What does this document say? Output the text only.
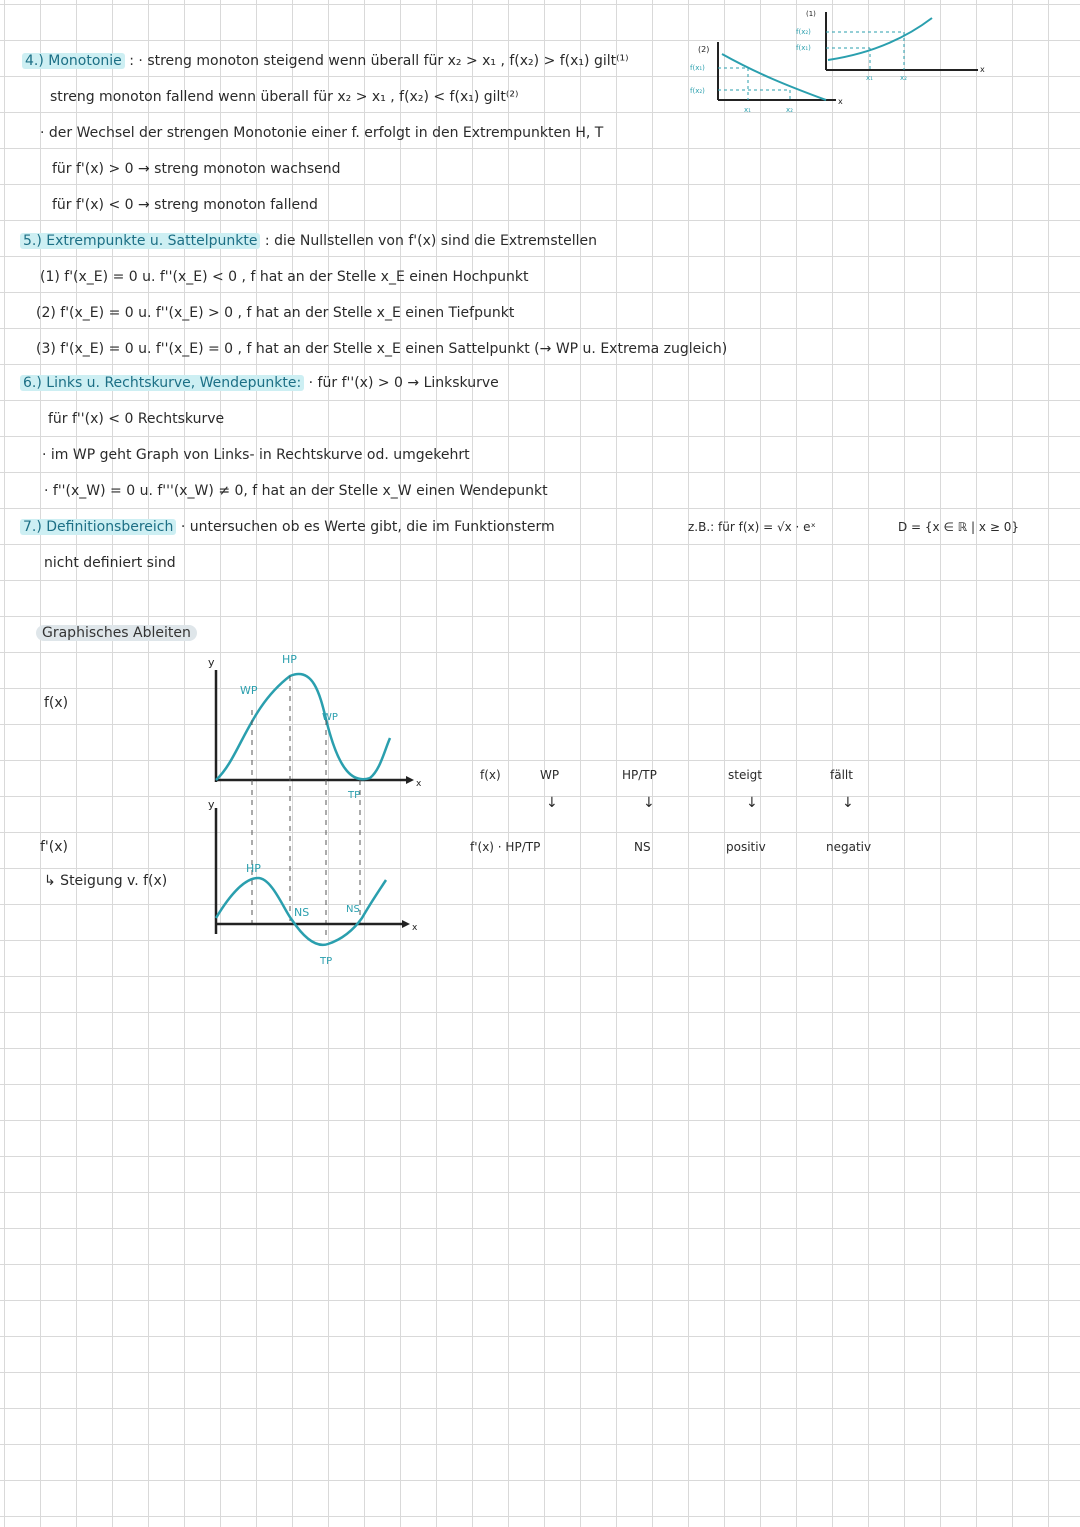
4.) Monotonie : · streng monoton steigend wenn überall für x₂ > x₁ , f(x₂) > f(x₁) gilt⁽¹⁾
streng monoton fallend wenn überall für x₂ > x₁ , f(x₂) < f(x₁) gilt⁽²⁾
· der Wechsel der strengen Monotonie einer f. erfolgt in den Extrempunkten H, T
für f'(x) > 0 → streng monoton wachsend
für f'(x) < 0 → streng monoton fallend
(2)
f(x₁)
f(x₂)
x₁	x₂
x
(1)
f(x₂)
f(x₁)
x₁	x₂
x
5.) Extrempunkte u. Sattelpunkte : die Nullstellen von f'(x) sind die Extremstellen
(1) f'(x_E) = 0 u. f''(x_E) < 0 , f hat an der Stelle x_E einen Hochpunkt
(2) f'(x_E) = 0 u. f''(x_E) > 0 , f hat an der Stelle x_E einen Tiefpunkt
(3) f'(x_E) = 0 u. f''(x_E) = 0 , f hat an der Stelle x_E einen Sattelpunkt (→ WP u. Extrema zugleich)
6.) Links u. Rechtskurve, Wendepunkte: · für f''(x) > 0 → Linkskurve
für f''(x) < 0 Rechtskurve
· im WP geht Graph von Links- in Rechtskurve od. umgekehrt
· f''(x_W) = 0 u. f'''(x_W) ≠ 0, f hat an der Stelle x_W einen Wendepunkt
7.) Definitionsbereich · untersuchen ob es Werte gibt, die im Funktionsterm
nicht definiert sind
z.B.: für f(x) = √x · eˣ	D = {x ∈ ℝ | x ≥ 0}
Graphisches Ableiten
f(x)
f'(x)
↳ Steigung v. f(x)
y
x
WP
HP
WP
TP
y
x
HP
NS	NS
TP
f(x)	WP	HP/TP	steigt	fällt
↓	↓	↓	↓
f'(x) · HP/TP	NS	positiv	negativ
